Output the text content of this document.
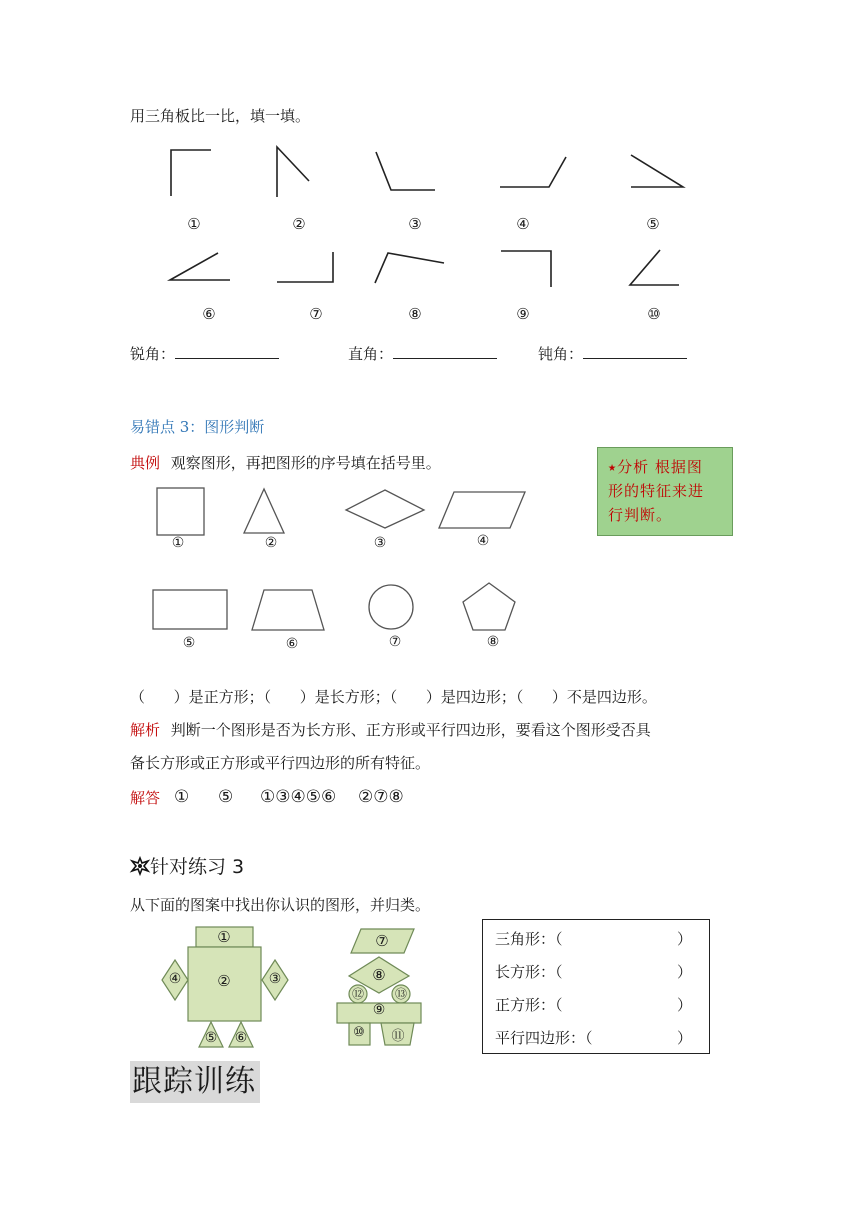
用三角板比一比，填一填。
①	②	③	④	⑤
⑥	⑦	⑧	⑨	⑩
锐角：	直角：	钝角：
易错点 3：图形判断
典例 观察图形，再把图形的序号填在括号里。	⭑分析 根据图
形的特征来进
行判断。
①	②	③	④
⑤	⑥	⑦	⑧
（      ）是正方形；（      ）是长方形；（      ）是四边形；（      ）不是四边形。
解析 判断一个图形是否为长方形、正方形或平行四边形，要看这个图形受否具
备长方形或正方形或平行四边形的所有特征。
解答 ① ⑤ ①③④⑤⑥ ②⑦⑧
针对练习 3
从下面的图案中找出你认识的图形，并归类。
①
②	③
④
⑤	⑥
⑦
⑧
⑫	⑬
⑨
⑩	⑪
三角形：（	）
长方形：（	）
正方形：（	）
平行四边形：（	）
跟踪训练
